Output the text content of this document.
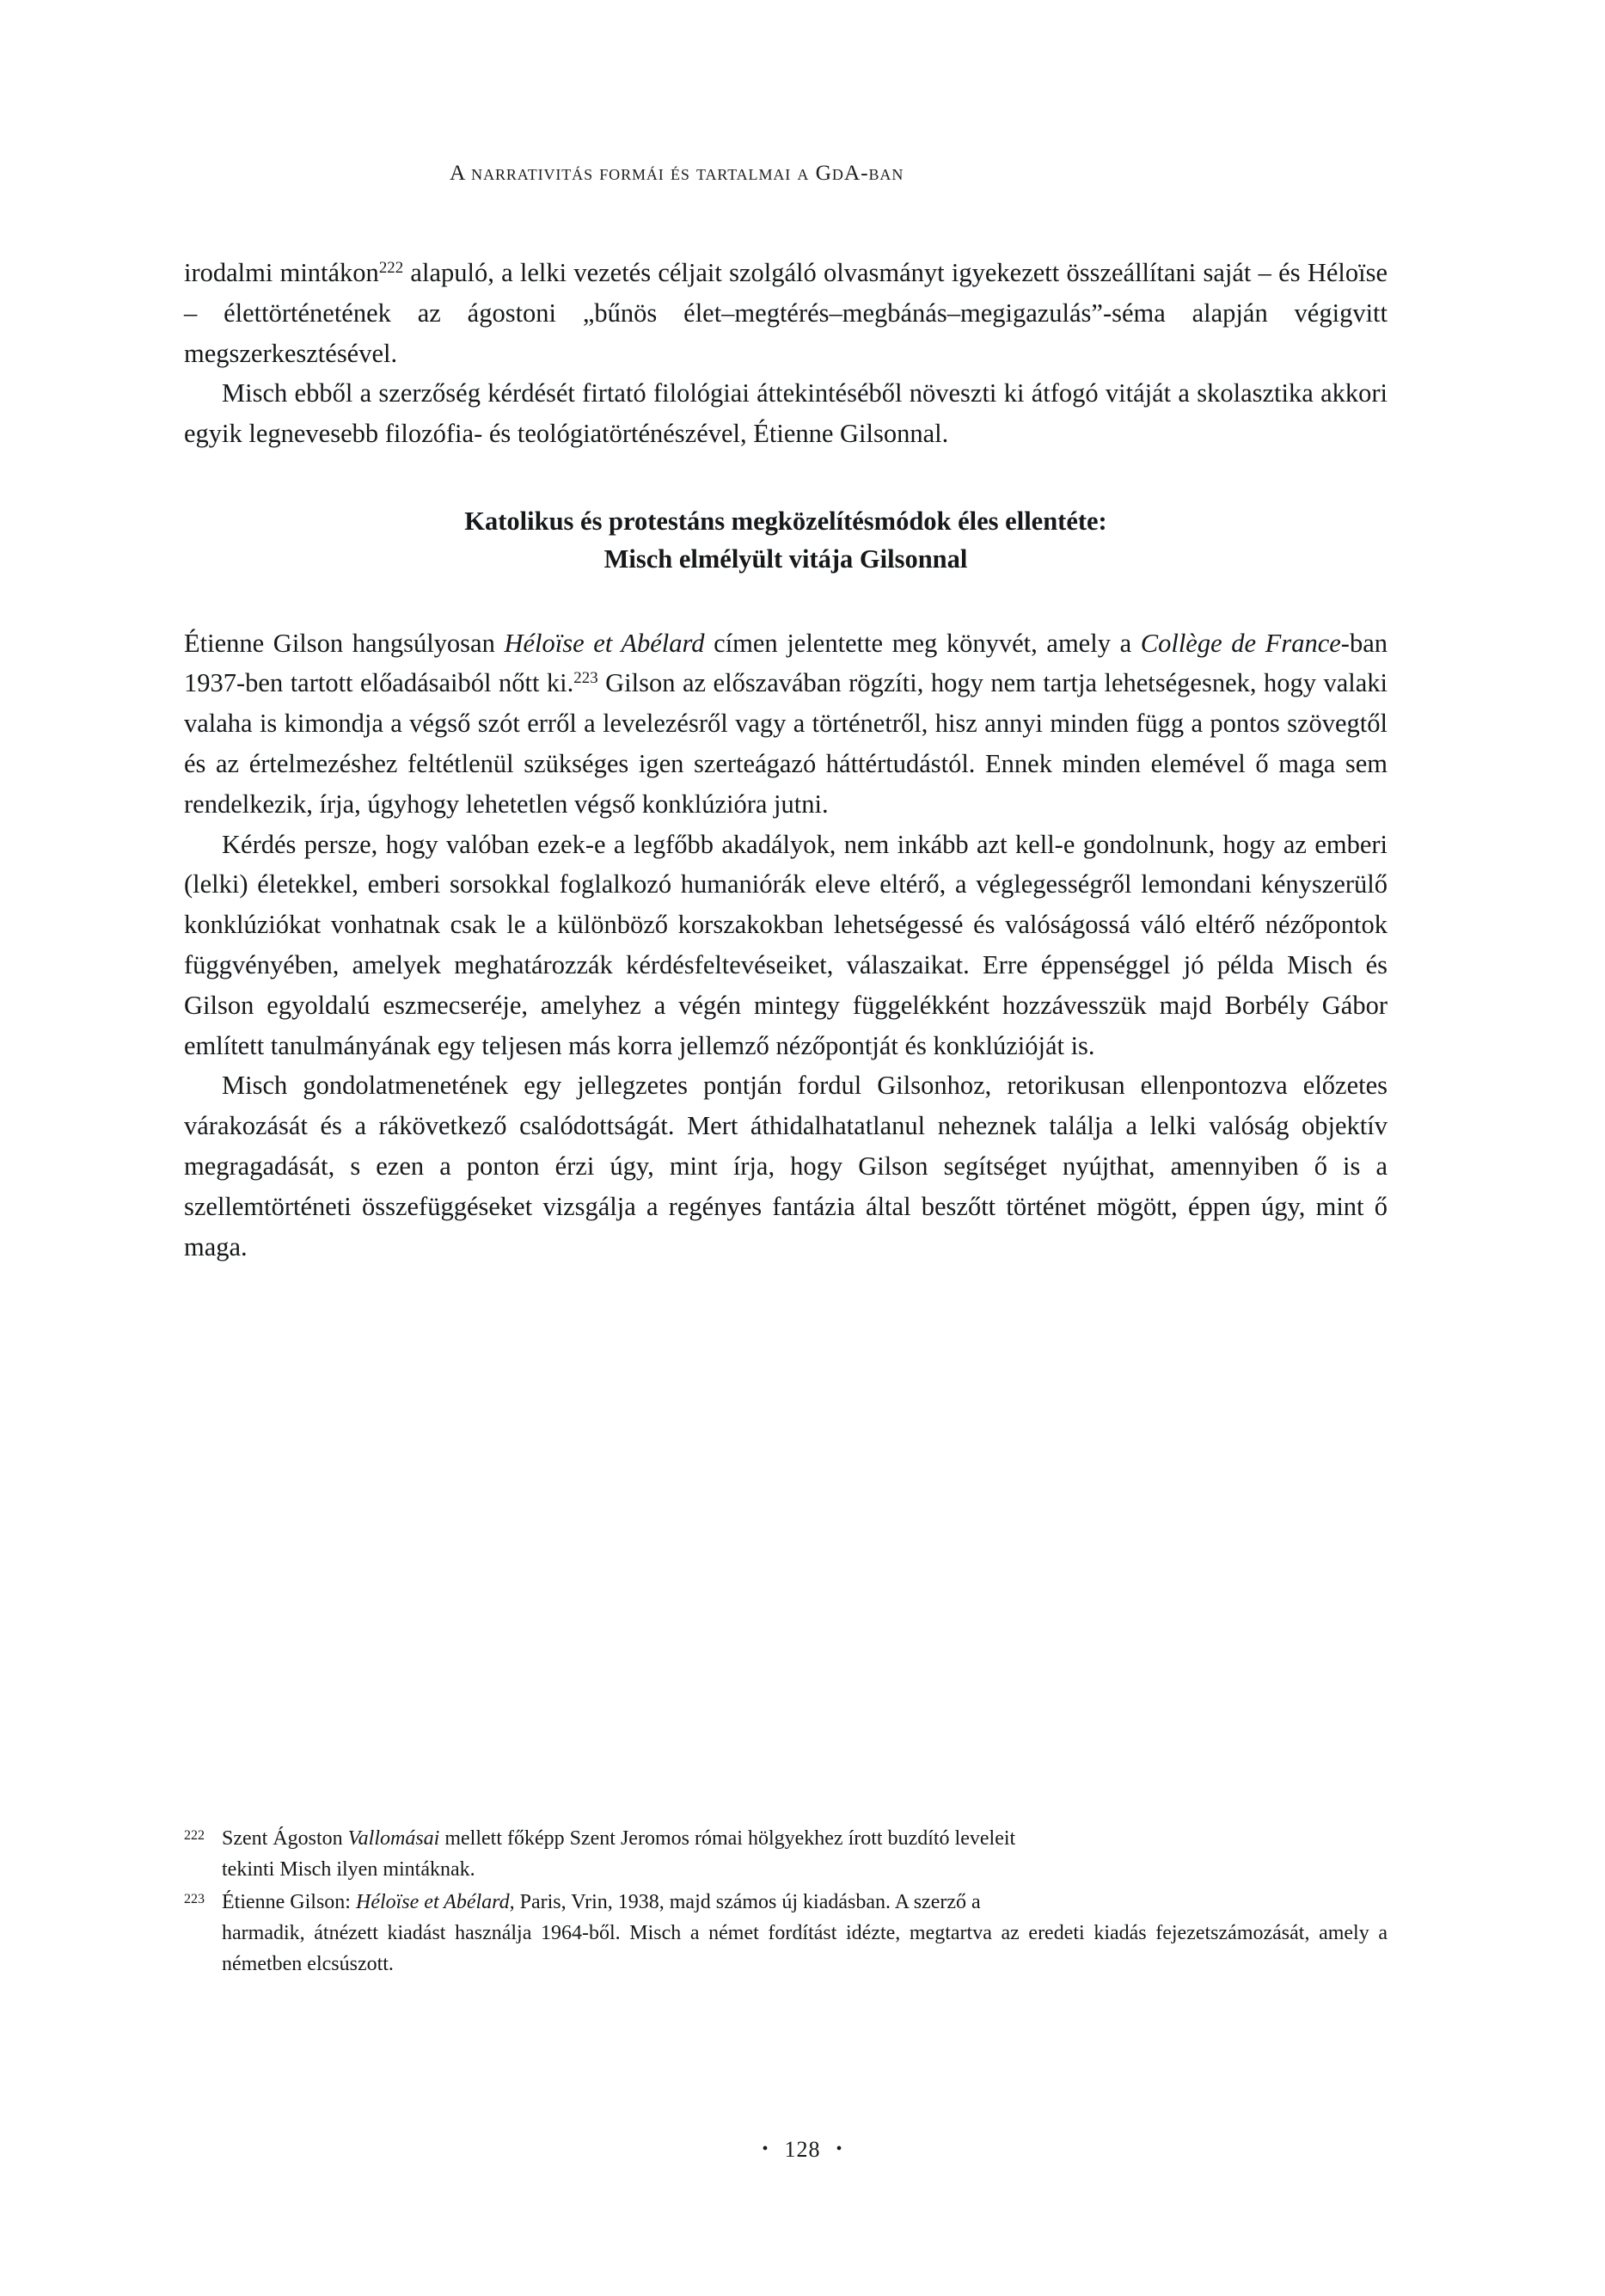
A narrativitás formái és tartalmai a GdA-ban

irodalmi mintákon$^{222}$ alapuló, a lelki vezetés céljait szolgáló olvasmányt igyekezett összeállítani saját – és Héloïse – élettörténetének az ágostoni „bűnös élet–megtérés–megbánás–megigazulás”-séma alapján végigvitt megszerkesztésével.

Misch ebből a szerzőség kérdését firtató filológiai áttekintéséből növeszti ki átfogó vitáját a skolasztika akkori egyik legnevesebb filozófia- és teológiatörténészével, Étienne Gilsonnal.

Katolikus és protestáns megközelítésmódok éles ellentéte:
Misch elmélyült vitája Gilsonnal

Étienne Gilson hangsúlyosan Héloïse et Abélard címen jelentette meg könyvét, amely a Collège de France-ban 1937-ben tartott előadásaiból nőtt ki.$^{223}$ Gilson az előszavában rögzíti, hogy nem tartja lehetségesnek, hogy valaki valaha is kimondja a végső szót erről a levelezésről vagy a történetről, hisz annyi minden függ a pontos szövegtől és az értelmezéshez feltétlenül szükséges igen szerteágazó háttértudástól. Ennek minden elemével ő maga sem rendelkezik, írja, úgyhogy lehetetlen végső konklúzióra jutni.

Kérdés persze, hogy valóban ezek-e a legfőbb akadályok, nem inkább azt kell-e gondolnunk, hogy az emberi (lelki) életekkel, emberi sorsokkal foglalkozó humaniórák eleve eltérő, a véglegességről lemondani kényszerülő konklúziókat vonhatnak csak le a különböző korszakokban lehetségessé és valóságossá váló eltérő nézőpontok függvényében, amelyek meghatározzák kérdésfeltevéseiket, válaszaikat. Erre éppenséggel jó példa Misch és Gilson egyoldalú eszmecseréje, amelyhez a végén mintegy függelékként hozzávesszük majd Borbély Gábor említett tanulmányának egy teljesen más korra jellemző nézőpontját és konklúzióját is.

Misch gondolatmenetének egy jellegzetes pontján fordul Gilsonhoz, retorikusan ellenpontozva előzetes várakozását és a rákövetkező csalódottságát. Mert áthidalhatatlanul neheznek találja a lelki valóság objektív megragadását, s ezen a ponton érzi úgy, mint írja, hogy Gilson segítséget nyújthat, amennyiben ő is a szellemtörténeti összefüggéseket vizsgálja a regényes fantázia által beszőtt történet mögött, éppen úgy, mint ő maga.

222 Szent Ágoston Vallomásai mellett főképp Szent Jeromos római hölgyekhez írott buzdító leveleit
tekinti Misch ilyen mintáknak.
223 Étienne Gilson: Héloïse et Abélard, Paris, Vrin, 1938, majd számos új kiadásban. A szerző a
harmadik, átnézett kiadást használja 1964-ből. Misch a német fordítást idézte, megtartva az eredeti kiadás fejezetszámozását, amely a németben elcsúszott.
• 128 •
